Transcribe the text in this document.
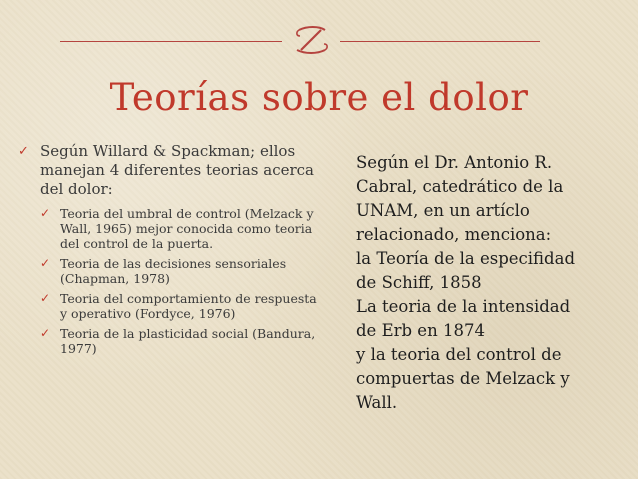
Teorías sobre el dolor
✓ Según Willard & Spackman; ellos manejan 4 diferentes teorias acerca del dolor:
✓ Teoria del umbral de control (Melzack y Wall, 1965) mejor conocida como teoria del control de la puerta.
✓ Teoria de las decisiones sensoriales (Chapman, 1978)
✓ Teoria del comportamiento de respuesta y operativo (Fordyce, 1976)
✓ Teoria de la plasticidad social (Bandura, 1977)
Según el Dr. Antonio R.
Cabral, catedrático de la
UNAM, en un artíclo
relacionado, menciona:
la Teoría de la especifidad
de Schiff, 1858
La teoria de la intensidad
de Erb en 1874
y la teoria del control de
compuertas de Melzack y
Wall.
